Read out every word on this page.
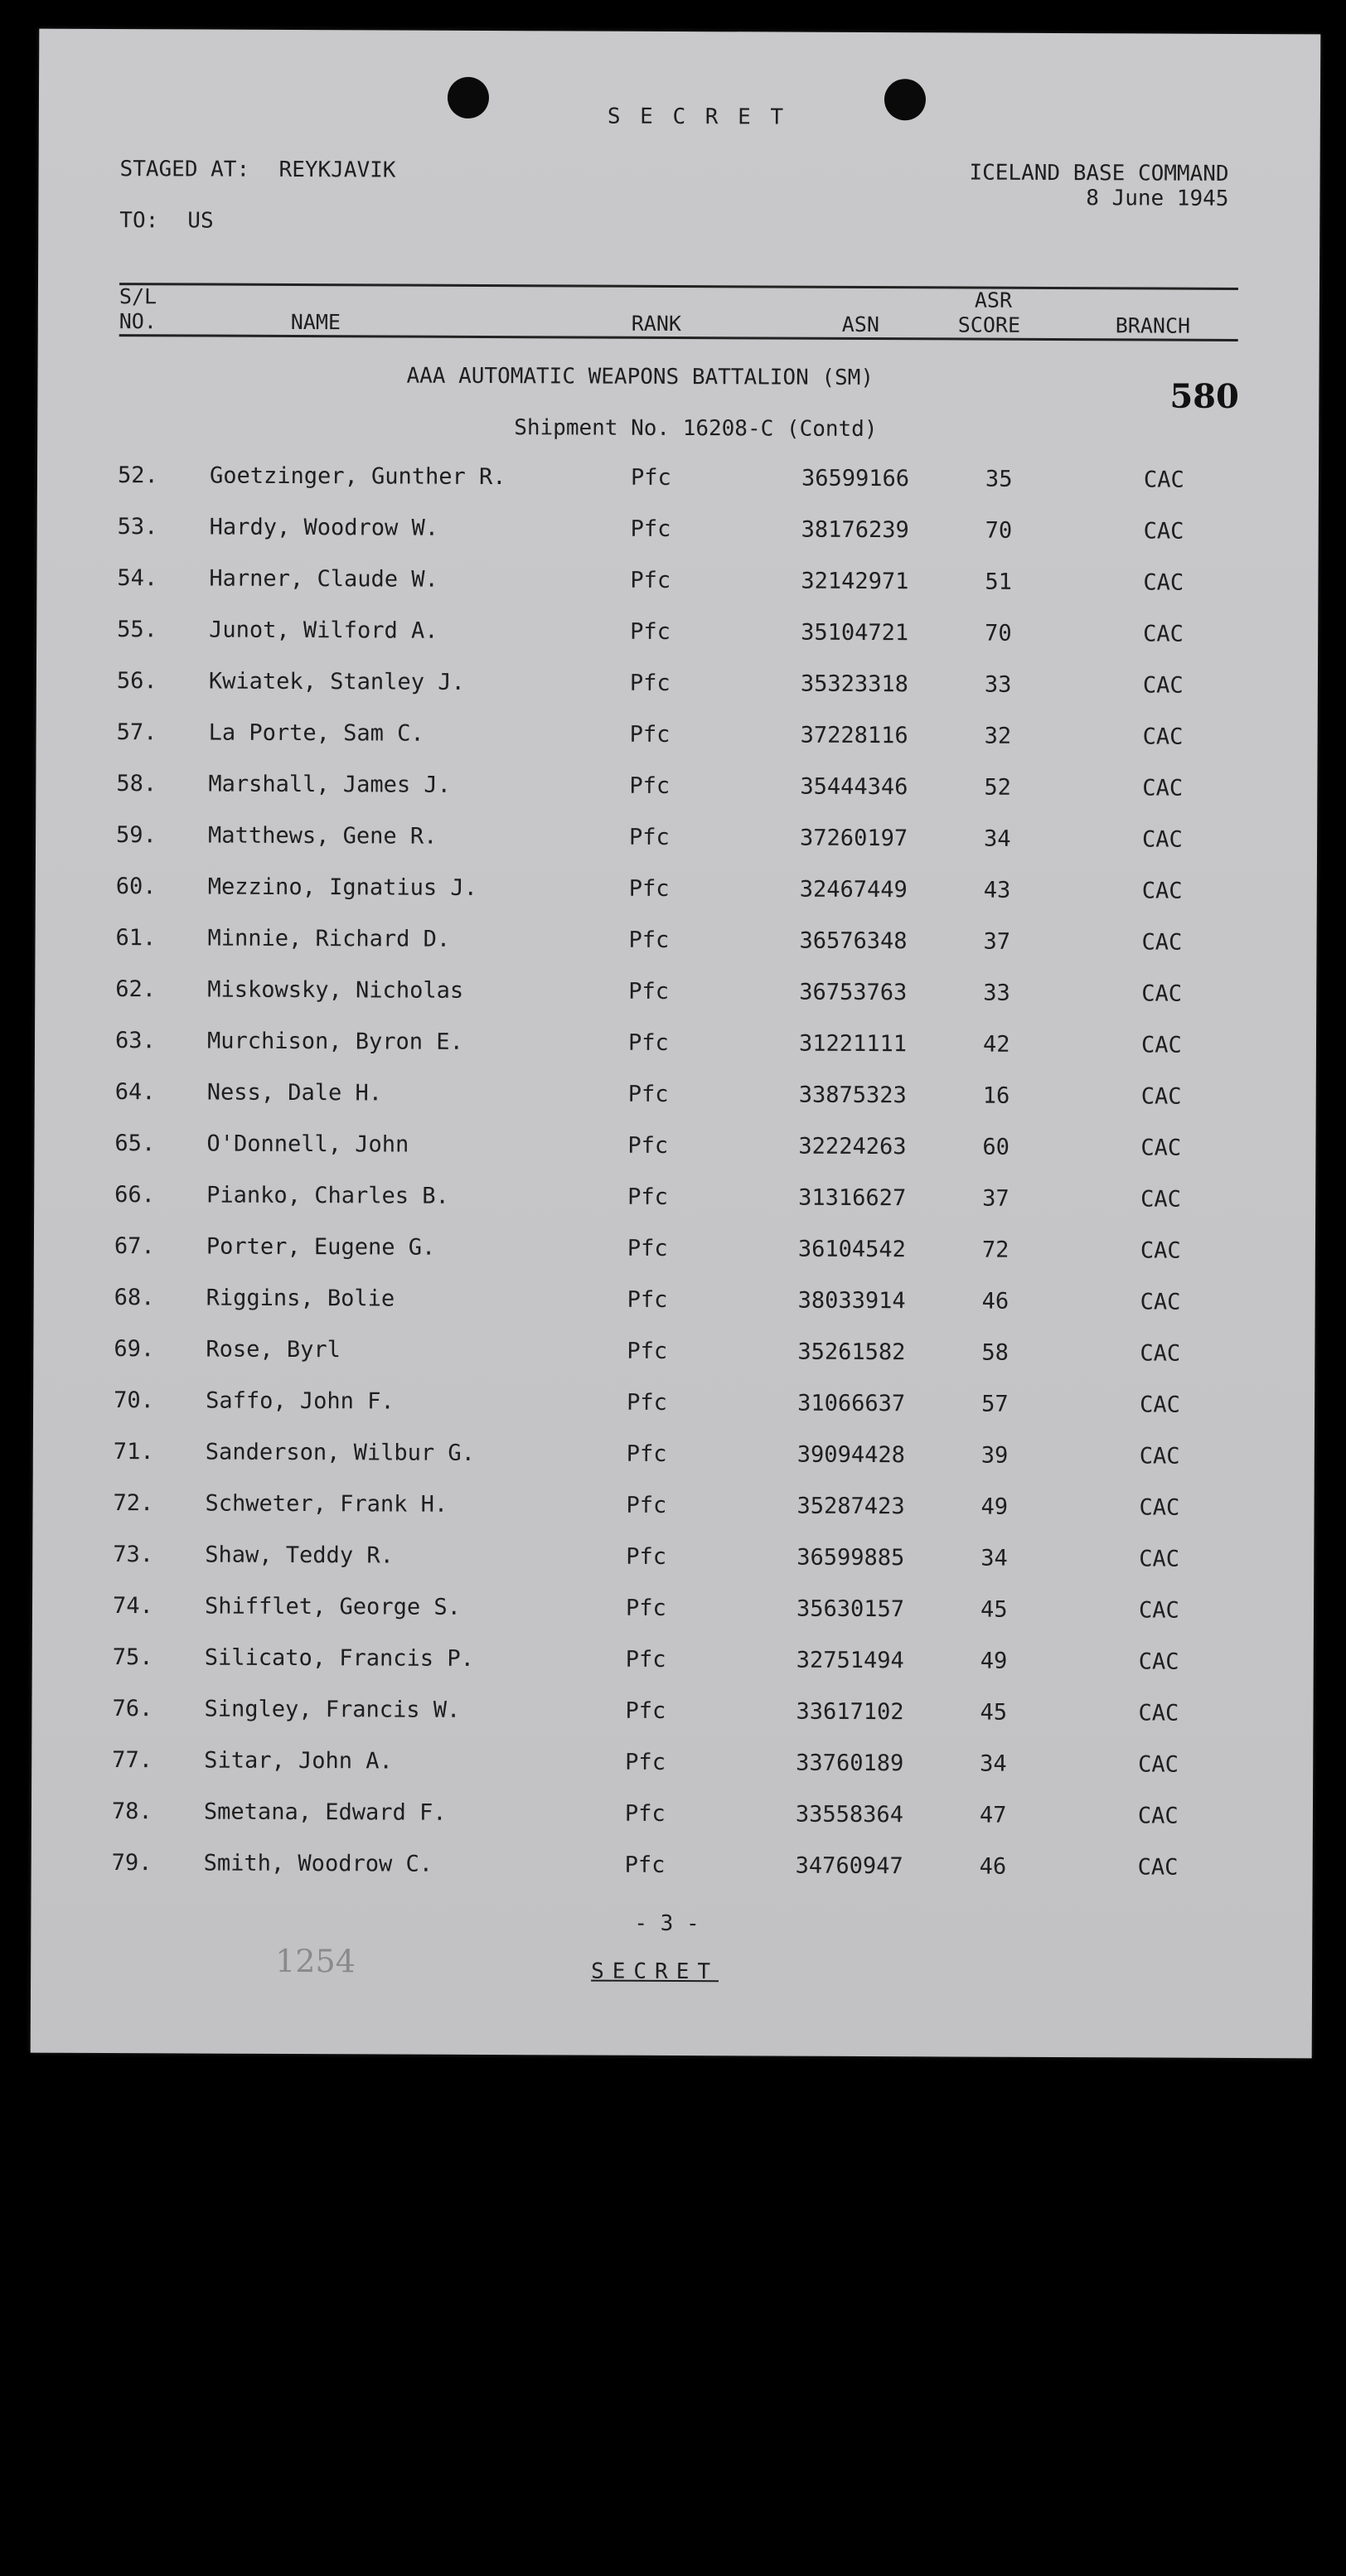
S E C R E T
STAGED AT: REYKJAVIK
TO: US
ICELAND BASE COMMAND
8 June 1945
S/L
NO.	NAME	RANK	ASN
ASR
SCORE	BRANCH
AAA AUTOMATIC WEAPONS BATTALION (SM)	580
Shipment No. 16208-C (Contd)
52. Goetzinger, Gunther R.	Pfc	36599166	35	CAC
53. Hardy, Woodrow W.	Pfc	38176239	70	CAC
54. Harner, Claude W.	Pfc	32142971	51	CAC
55. Junot, Wilford A.	Pfc	35104721	70	CAC
56. Kwiatek, Stanley J.	Pfc	35323318	33	CAC
57. La Porte, Sam C.	Pfc	37228116	32	CAC
58. Marshall, James J.	Pfc	35444346	52	CAC
59. Matthews, Gene R.	Pfc	37260197	34	CAC
60. Mezzino, Ignatius J.	Pfc	32467449	43	CAC
61. Minnie, Richard D.	Pfc	36576348	37	CAC
62. Miskowsky, Nicholas	Pfc	36753763	33	CAC
63. Murchison, Byron E.	Pfc	31221111	42	CAC
64. Ness, Dale H.	Pfc	33875323	16	CAC
65. O'Donnell, John	Pfc	32224263	60	CAC
66. Pianko, Charles B.	Pfc	31316627	37	CAC
67. Porter, Eugene G.	Pfc	36104542	72	CAC
68. Riggins, Bolie	Pfc	38033914	46	CAC
69. Rose, Byrl	Pfc	35261582	58	CAC
70. Saffo, John F.	Pfc	31066637	57	CAC
71. Sanderson, Wilbur G.	Pfc	39094428	39	CAC
72. Schweter, Frank H.	Pfc	35287423	49	CAC
73. Shaw, Teddy R.	Pfc	36599885	34	CAC
74. Shifflet, George S.	Pfc	35630157	45	CAC
75. Silicato, Francis P.	Pfc	32751494	49	CAC
76. Singley, Francis W.	Pfc	33617102	45	CAC
77. Sitar, John A.	Pfc	33760189	34	CAC
78. Smetana, Edward F.	Pfc	33558364	47	CAC
79. Smith, Woodrow C.	Pfc	34760947	46	CAC
- 3 -
1254	SECRET
